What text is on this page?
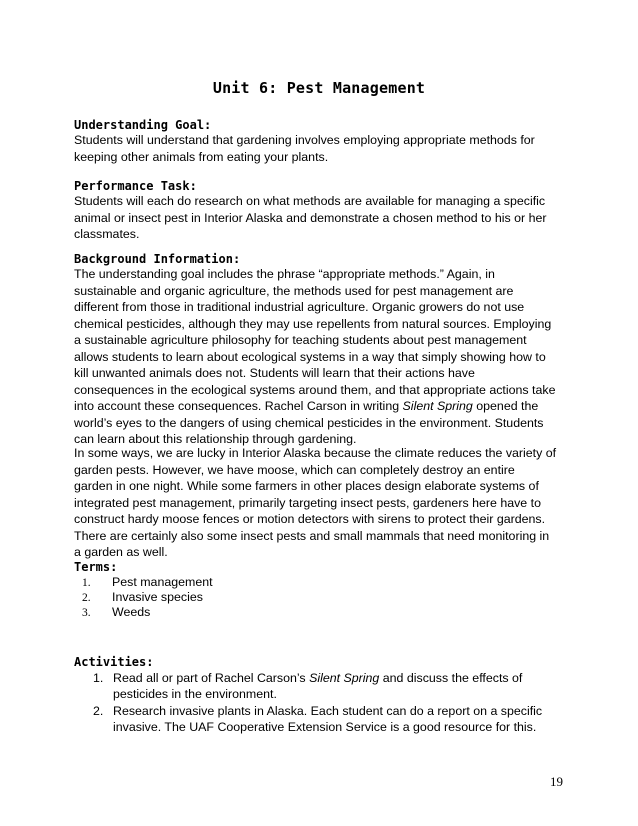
Unit 6: Pest Management
Understanding Goal:
Students will understand that gardening involves employing appropriate methods for
keeping other animals from eating your plants.
Performance Task:
Students will each do research on what methods are available for managing a specific
animal or insect pest in Interior Alaska and demonstrate a chosen method to his or her
classmates.
Background Information:
The understanding goal includes the phrase “appropriate methods.” Again, in
sustainable and organic agriculture, the methods used for pest management are
different from those in traditional industrial agriculture. Organic growers do not use
chemical pesticides, although they may use repellents from natural sources. Employing
a sustainable agriculture philosophy for teaching students about pest management
allows students to learn about ecological systems in a way that simply showing how to
kill unwanted animals does not. Students will learn that their actions have
consequences in the ecological systems around them, and that appropriate actions take
into account these consequences. Rachel Carson in writing Silent Spring opened the
world’s eyes to the dangers of using chemical pesticides in the environment. Students
can learn about this relationship through gardening.
In some ways, we are lucky in Interior Alaska because the climate reduces the variety of
garden pests. However, we have moose, which can completely destroy an entire
garden in one night. While some farmers in other places design elaborate systems of
integrated pest management, primarily targeting insect pests, gardeners here have to
construct hardy moose fences or motion detectors with sirens to protect their gardens.
There are certainly also some insect pests and small mammals that need monitoring in
a garden as well.
Terms:
1. Pest management
2. Invasive species
3. Weeds
Activities:
1. Read all or part of Rachel Carson’s Silent Spring and discuss the effects of
pesticides in the environment.
2. Research invasive plants in Alaska. Each student can do a report on a specific
invasive. The UAF Cooperative Extension Service is a good resource for this.
19
